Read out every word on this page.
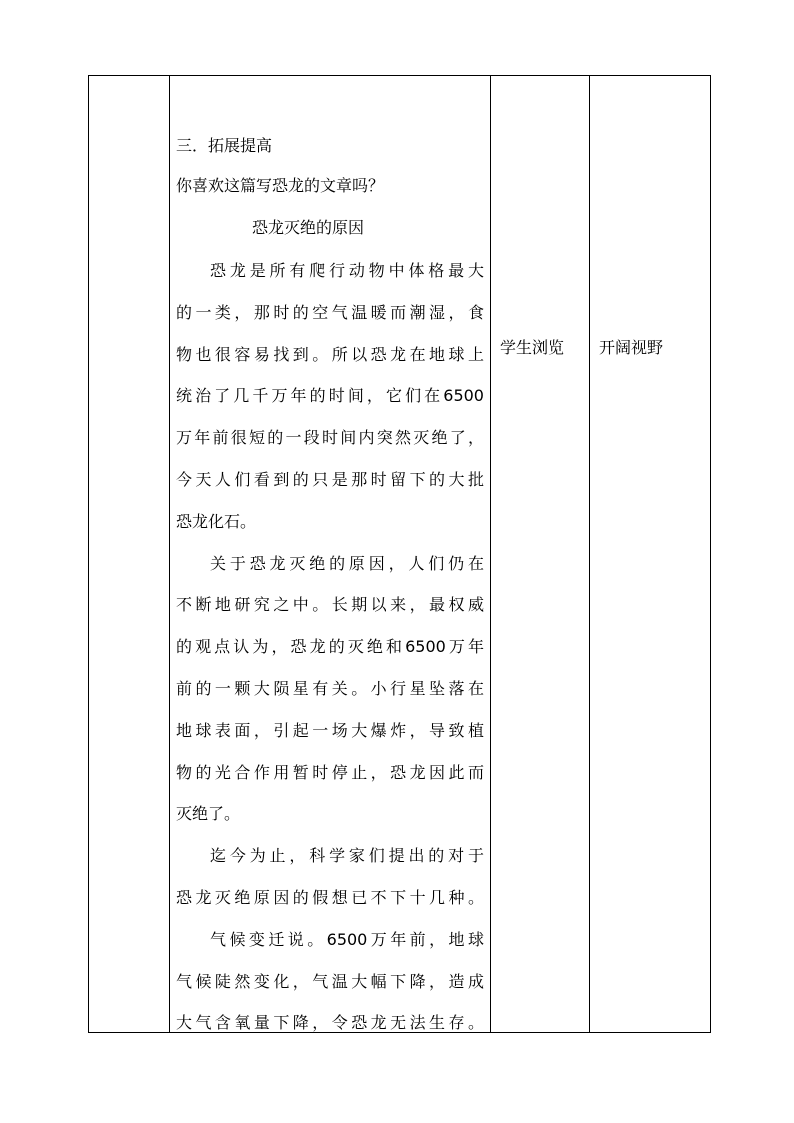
三．拓展提高
你喜欢这篇写恐龙的文章吗？
恐龙灭绝的原因
恐龙是所有爬行动物中体格最大
的一类，那时的空气温暖而潮湿，食
物也很容易找到。所以恐龙在地球上
统治了几千万年的时间，它们在6500
万年前很短的一段时间内突然灭绝了，
今天人们看到的只是那时留下的大批
恐龙化石。
关于恐龙灭绝的原因，人们仍在
不断地研究之中。长期以来，最权威
的观点认为，恐龙的灭绝和6500万年
前的一颗大陨星有关。小行星坠落在
地球表面，引起一场大爆炸，导致植
物的光合作用暂时停止，恐龙因此而
灭绝了。
迄今为止，科学家们提出的对于
恐龙灭绝原因的假想已不下十几种。
气候变迁说。6500万年前，地球
气候陡然变化，气温大幅下降，造成
大气含氧量下降，令恐龙无法生存。

学生浏览	开阔视野
